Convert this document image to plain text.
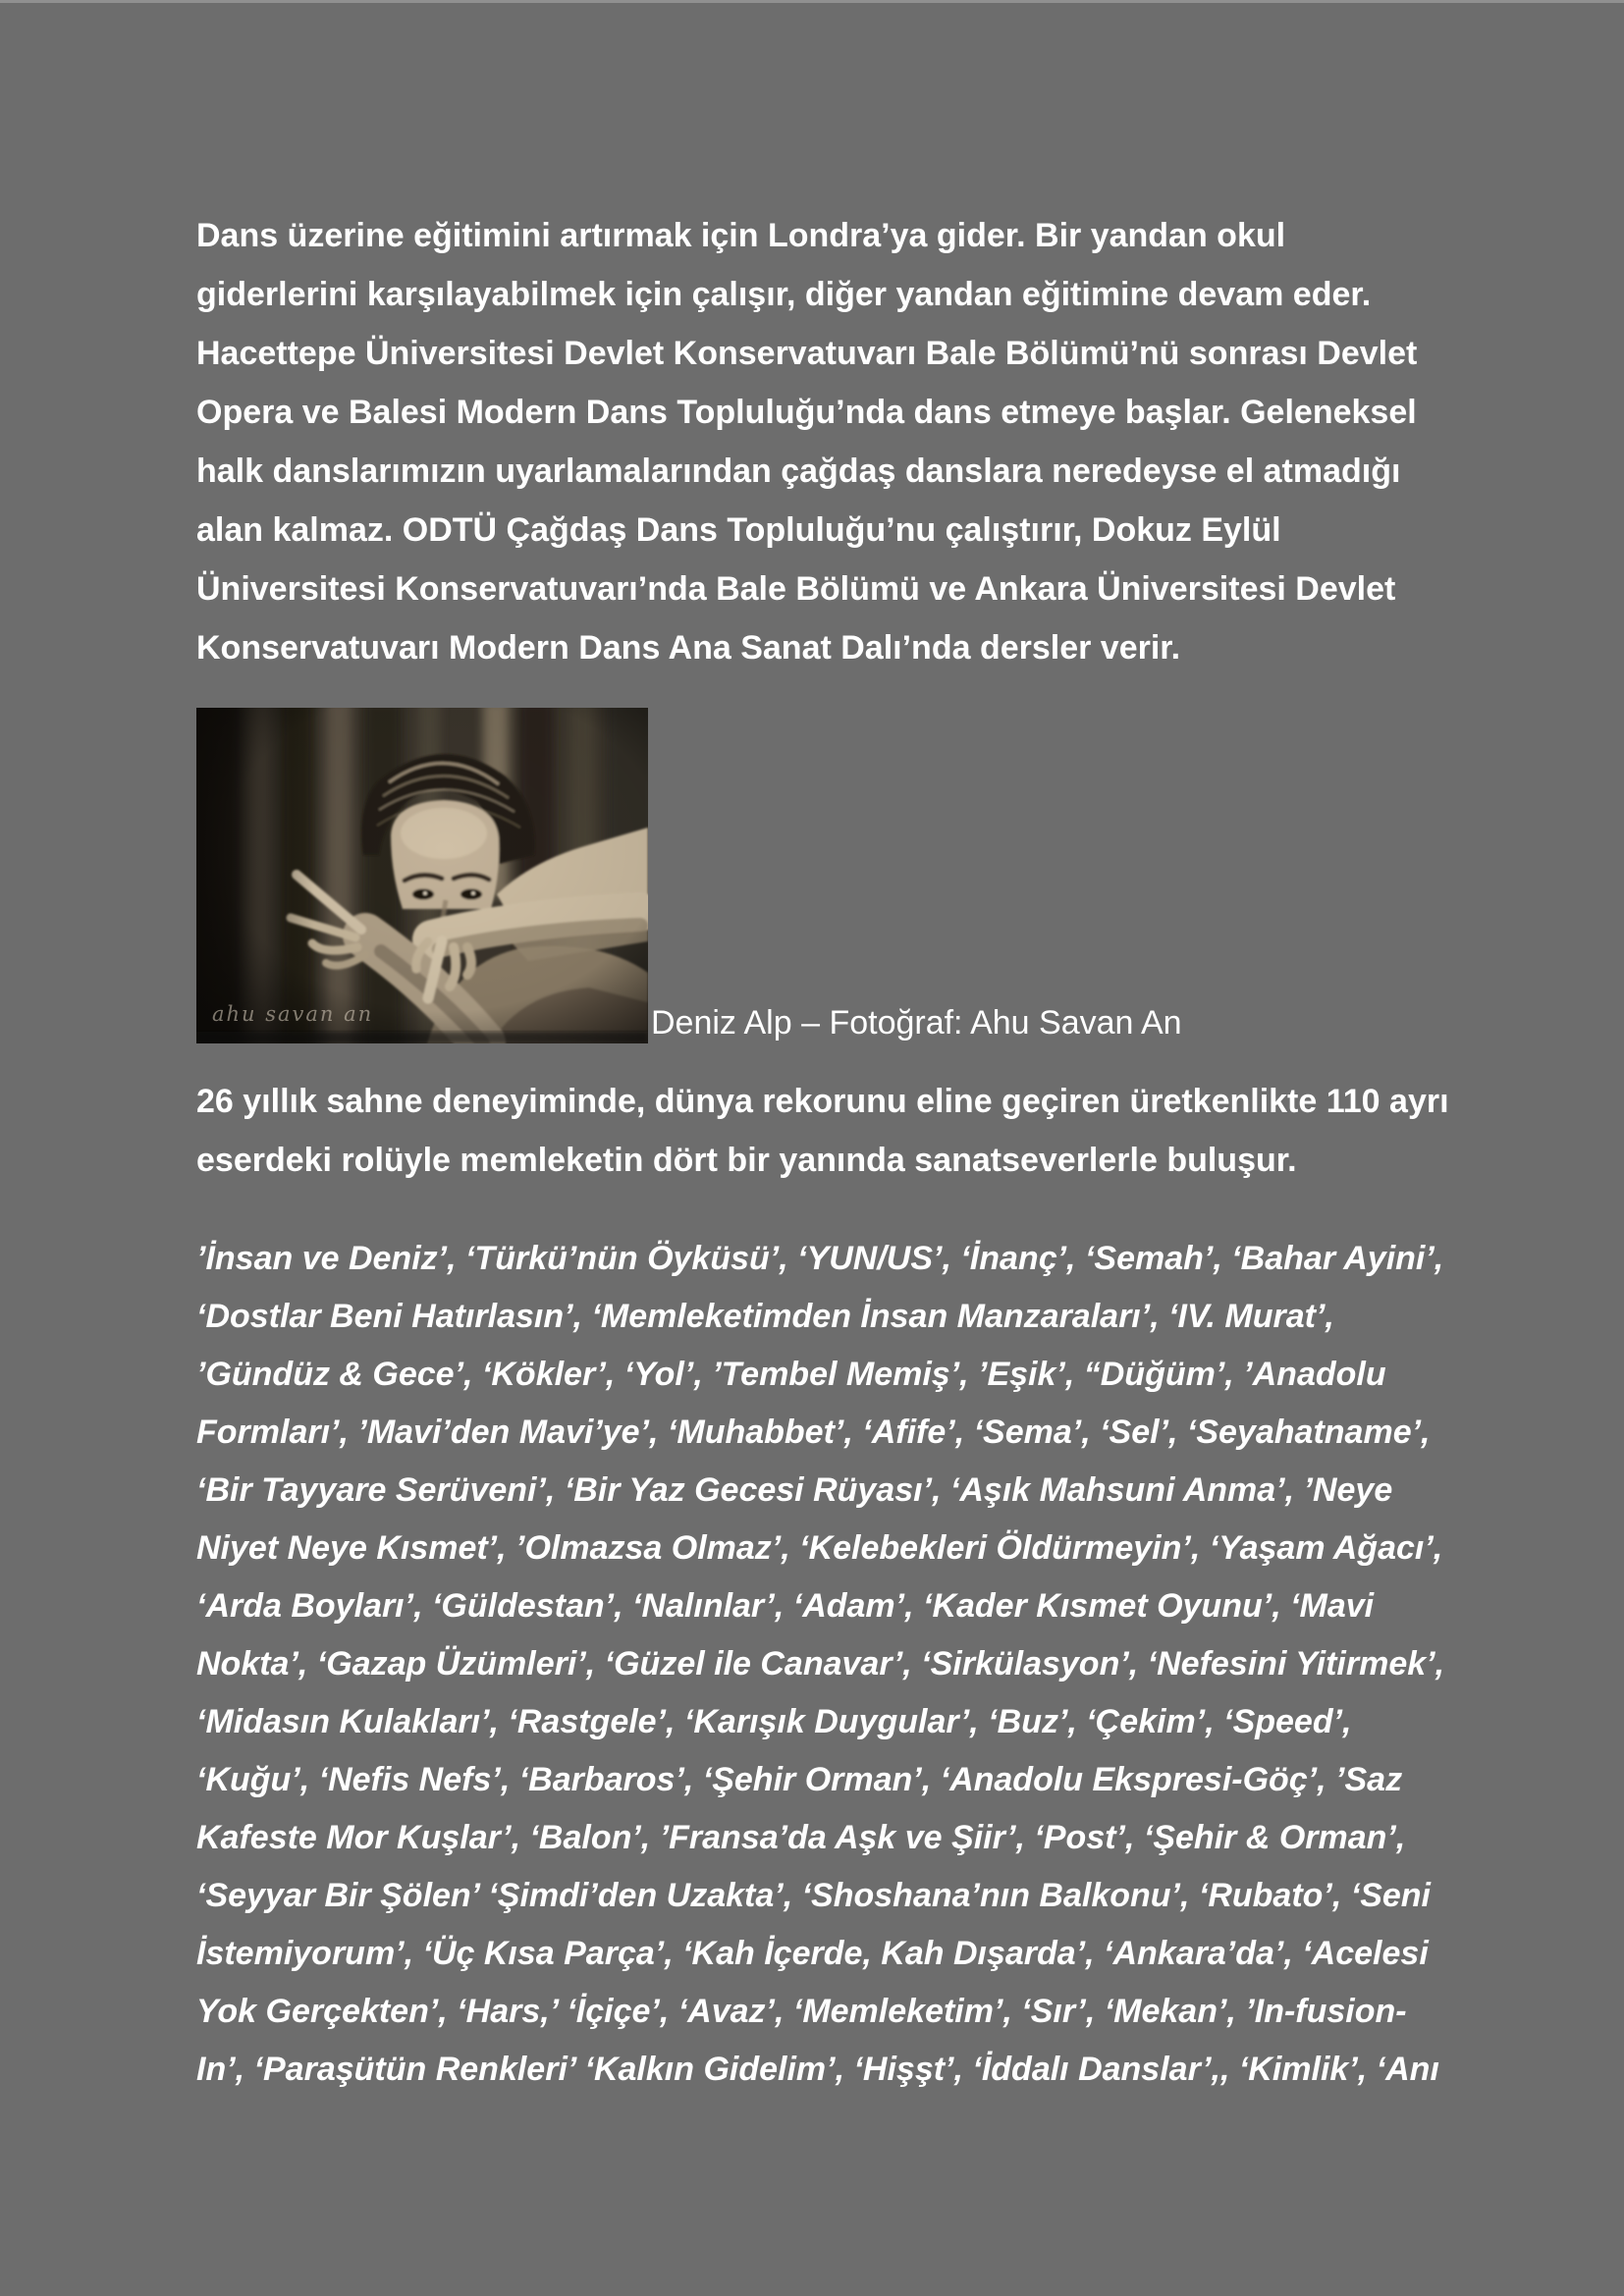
Dans üzerine eğitimini artırmak için Londra’ya gider. Bir yandan okul
giderlerini karşılayabilmek için çalışır, diğer yandan eğitimine devam eder.
Hacettepe Üniversitesi Devlet Konservatuvarı Bale Bölümü’nü sonrası Devlet
Opera ve Balesi Modern Dans Topluluğu’nda dans etmeye başlar. Geleneksel
halk danslarımızın uyarlamalarından çağdaş danslara neredeyse el atmadığı
alan kalmaz. ODTÜ Çağdaş Dans Topluluğu’nu çalıştırır, Dokuz Eylül
Üniversitesi Konservatuvarı’nda Bale Bölümü ve Ankara Üniversitesi Devlet
Konservatuvarı Modern Dans Ana Sanat Dalı’nda dersler verir.
ahu savan an	Deniz Alp – Fotoğraf: Ahu Savan An
26 yıllık sahne deneyiminde, dünya rekorunu eline geçiren üretkenlikte 110 ayrı
eserdeki rolüyle memleketin dört bir yanında sanatseverlerle buluşur.
’İnsan ve Deniz’, ‘Türkü’nün Öyküsü’, ‘YUN/US’, ‘İnanç’, ‘Semah’, ‘Bahar Ayini’,
‘Dostlar Beni Hatırlasın’, ‘Memleketimden İnsan Manzaraları’, ‘IV. Murat’,
’Gündüz & Gece’, ‘Kökler’, ‘Yol’, ’Tembel Memiş’, ’Eşik’, “Düğüm’, ’Anadolu
Formları’, ’Mavi’den Mavi’ye’, ‘Muhabbet’, ‘Afife’, ‘Sema’, ‘Sel’, ‘Seyahatname’,
‘Bir Tayyare Serüveni’, ‘Bir Yaz Gecesi Rüyası’, ‘Aşık Mahsuni Anma’, ’Neye
Niyet Neye Kısmet’, ’Olmazsa Olmaz’, ‘Kelebekleri Öldürmeyin’, ‘Yaşam Ağacı’,
‘Arda Boyları’, ‘Güldestan’, ‘Nalınlar’, ‘Adam’, ‘Kader Kısmet Oyunu’, ‘Mavi
Nokta’, ‘Gazap Üzümleri’, ‘Güzel ile Canavar’, ‘Sirkülasyon’, ‘Nefesini Yitirmek’,
‘Midasın Kulakları’, ‘Rastgele’, ‘Karışık Duygular’, ‘Buz’, ‘Çekim’, ‘Speed’,
‘Kuğu’, ‘Nefis Nefs’, ‘Barbaros’, ‘Şehir Orman’, ‘Anadolu Ekspresi-Göç’, ’Saz
Kafeste Mor Kuşlar’, ‘Balon’, ’Fransa’da Aşk ve Şiir’, ‘Post’, ‘Şehir & Orman’,
‘Seyyar Bir Şölen’ ‘Şimdi’den Uzakta’, ‘Shoshana’nın Balkonu’, ‘Rubato’, ‘Seni
İstemiyorum’, ‘Üç Kısa Parça’, ‘Kah İçerde, Kah Dışarda’, ‘Ankara’da’, ‘Acelesi
Yok Gerçekten’, ‘Hars,’ ‘İçiçe’, ‘Avaz’, ‘Memleketim’, ‘Sır’, ‘Mekan’, ’In-fusion-
In’, ‘Paraşütün Renkleri’ ‘Kalkın Gidelim’, ‘Hişşt’, ‘İddalı Danslar’,, ‘Kimlik’, ‘Anı
